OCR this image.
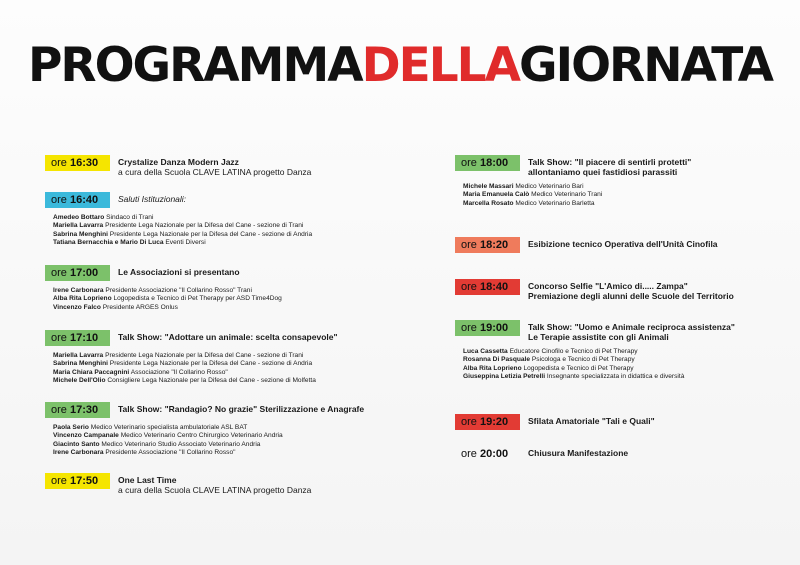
PROGRAMMADELLAGIORNATA
ore 16:30	Crystalize Danza Modern Jazz
a cura della Scuola CLAVE LATINA progetto Danza
ore 16:40	Saluti Istituzionali:
Amedeo Bottaro Sindaco di Trani
Mariella Lavarra Presidente Lega Nazionale per la Difesa del Cane - sezione di Trani
Sabrina Menghini Presidente Lega Nazionale per la Difesa del Cane - sezione di Andria
Tatiana Bernacchia e Mario Di Luca Eventi Diversi
ore 17:00	Le Associazioni si presentano
Irene Carbonara Presidente Associazione "Il Collarino Rosso" Trani
Alba Rita Loprieno Logopedista e Tecnico di Pet Therapy per ASD Time4Dog
Vincenzo Falco Presidente ARGES Onlus
ore 17:10	Talk Show: "Adottare un animale: scelta consapevole"
Mariella Lavarra Presidente Lega Nazionale per la Difesa del Cane - sezione di Trani
Sabrina Menghini Presidente Lega Nazionale per la Difesa del Cane - sezione di Andria
Maria Chiara Paccagnini Associazione "Il Collarino Rosso"
Michele Dell'Olio Consigliere Lega Nazionale per la Difesa del Cane - sezione di Molfetta
ore 17:30	Talk Show: "Randagio? No grazie" Sterilizzazione e Anagrafe
Paola Serio Medico Veterinario specialista ambulatoriale ASL BAT
Vincenzo Campanale Medico Veterinario Centro Chirurgico Veterinario Andria
Giacinto Santo Medico Veterinario Studio Associato Veterinario Andria
Irene Carbonara Presidente Associazione "Il Collarino Rosso"
ore 17:50	One Last Time
a cura della Scuola CLAVE LATINA progetto Danza
ore 18:00	Talk Show: "Il piacere di sentirli protetti"
allontaniamo quei fastidiosi parassiti
Michele Massari Medico Veterinario Bari
Maria Emanuela Calò Medico Veterinario Trani
Marcella Rosato Medico Veterinario Barletta
ore 18:20	Esibizione tecnico Operativa dell'Unità Cinofila
ore 18:40	Concorso Selfie "L'Amico di..... Zampa"
Premiazione degli alunni delle Scuole del Territorio
ore 19:00	Talk Show: "Uomo e Animale reciproca assistenza"
Le Terapie assistite con gli Animali
Luca Cassetta Educatore Cinofilo e Tecnico di Pet Therapy
Rosanna Di Pasquale Psicologa e Tecnico di Pet Therapy
Alba Rita Loprieno Logopedista e Tecnico di Pet Therapy
Giuseppina Letizia Petrelli Insegnante specializzata in didattica e diversità
ore 19:20	Sfilata Amatoriale "Tali e Quali"
ore 20:00	Chiusura Manifestazione
